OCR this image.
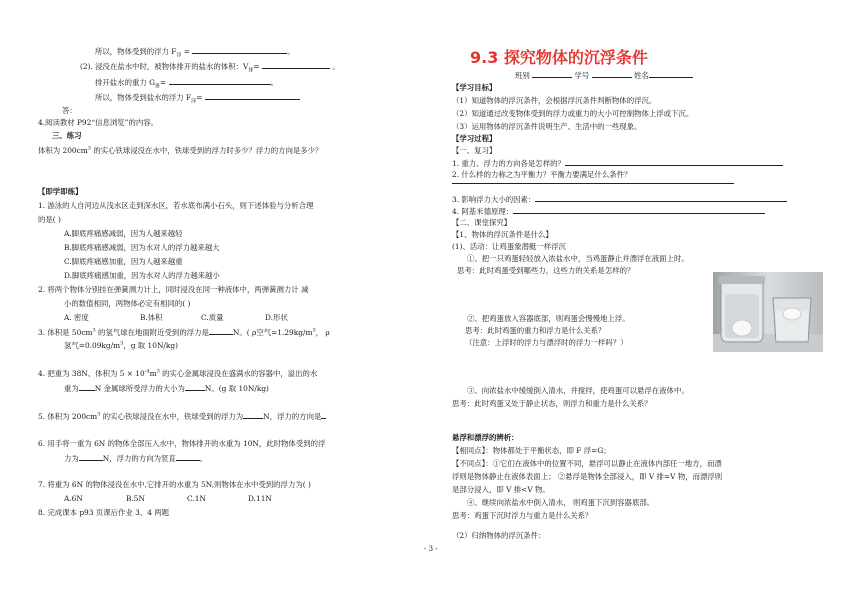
所以，物体受到的浮力 $F_浮$ =	。
(2). 浸没在盐水中时，被物体排开的盐水的体积：$V_排=$	。
排开盐水的重力 $G_排=$	。
所以，物体受到盐水的浮力 $F_浮=$
答：
4.阅读教材 P92“信息浏览”的内容。
三、练习
体积为 $200cm^3$ 的实心铁球浸没在水中，铁球受到的浮力时多少？浮力的方向是多少？
【即学即练】
1. 游泳的人自河边从浅水区走到深水区，若水底布满小石头，则下述体验与分析合理
的是( )
A.脚底疼痛感减弱，因为人越来越轻
B.脚底疼痛感减弱，因为水对人的浮力越来越大
C.脚底疼痛感加重，因为人越来越重
D.脚底疼痛感加重，因为水对人的浮力越来越小
2. 将两个物体分别挂在弹簧测力计上，同时浸没在同一种液体中，两弹簧测力计 减
小的数值相同，两物体必定有相同的( )
A. 密度	B.体积	C.质量	D.形状
3. 体积是 $50cm^3$ 的氢气球在地面附近受到的浮力是	N。( ρ空气$=1.29kg/m^3$， ρ
氢气$=0.09kg/m^3$，g 取 10N/kg)
4. 把重为 38N、体积为 $5 \times 10^{-4}m^3$ 的实心金属球浸没在盛满水的容器中，溢出的水
重为 N 金属球所受浮力的大小为	N。(g 取 10N/kg)
5. 体积为 $200cm^3$ 的实心铁球浸没在水中，铁球受到的浮力为	N，浮力的方向是
6. 用手将一重为 6N 的物体全部压入水中，物体排开的水重为 10N，此时物体受到的浮
力为	N，浮力的方向为竖直	。
7. 将重为 6N 的物体浸没在水中,它排开的水重为 5N,则物体在水中受到的浮力为( )
A.6N	B.5N	C.1N	D.11N
8. 完成课本 p93 页课后作业 3、4 两题
9.3 探究物体的沉浮条件
班别	学号	姓名
【学习目标】
（1）知道物体的浮沉条件，会根据浮沉条件判断物体的浮沉。
（2）知道通过改变物体受到的浮力或重力的大小可控制物体上浮或下沉。
（3）运用物体的浮沉条件说明生产、生活中的一些现象。
【学习过程】
【一、复习】
1. 重力、浮力的方向各是怎样的？
2. 什么样的力称之为平衡力？平衡力要满足什么条件？
3. 影响浮力大小的因素：
4. 阿基米德原理：
【二、课堂探究】
【1、物体的浮沉条件是什么】
(1)、活动：让鸡蛋象潜艇一样浮沉
①、把一只鸡蛋轻轻放入浓盐水中，当鸡蛋静止并漂浮在液面上时。
思考：此时鸡蛋受到哪些力，这些力的关系是怎样的？
②、把鸡蛋放入容器底部，则鸡蛋会慢慢地上浮。
思考：此时鸡蛋的重力和浮力是什么关系？
（注意：上浮时的浮力与漂浮时的浮力一样吗？）
③、向浓盐水中缓缓倒入清水，并搅拌，使鸡蛋可以悬浮在液体中。
思考：此时鸡蛋又处于静止状态，则浮力和重力是什么关系？
悬浮和漂浮的辨析：
【相同点】：物体都处于平衡状态，即 F 浮=G；
【不同点】：①它们在液体中的位置不同，悬浮可以静止在液体内部任一地方，而漂
浮则是物体静止在液体表面上； ②悬浮是物体全部浸入，即 V 排=V 物，而漂浮则
是部分浸入，即 V 排<V 物。
④、继续向浓盐水中倒入清水， 则鸡蛋下沉到容器底部。
思考：鸡蛋下沉时浮力与重力是什么关系？
（2）归纳物体的浮沉条件：
- 3 -
